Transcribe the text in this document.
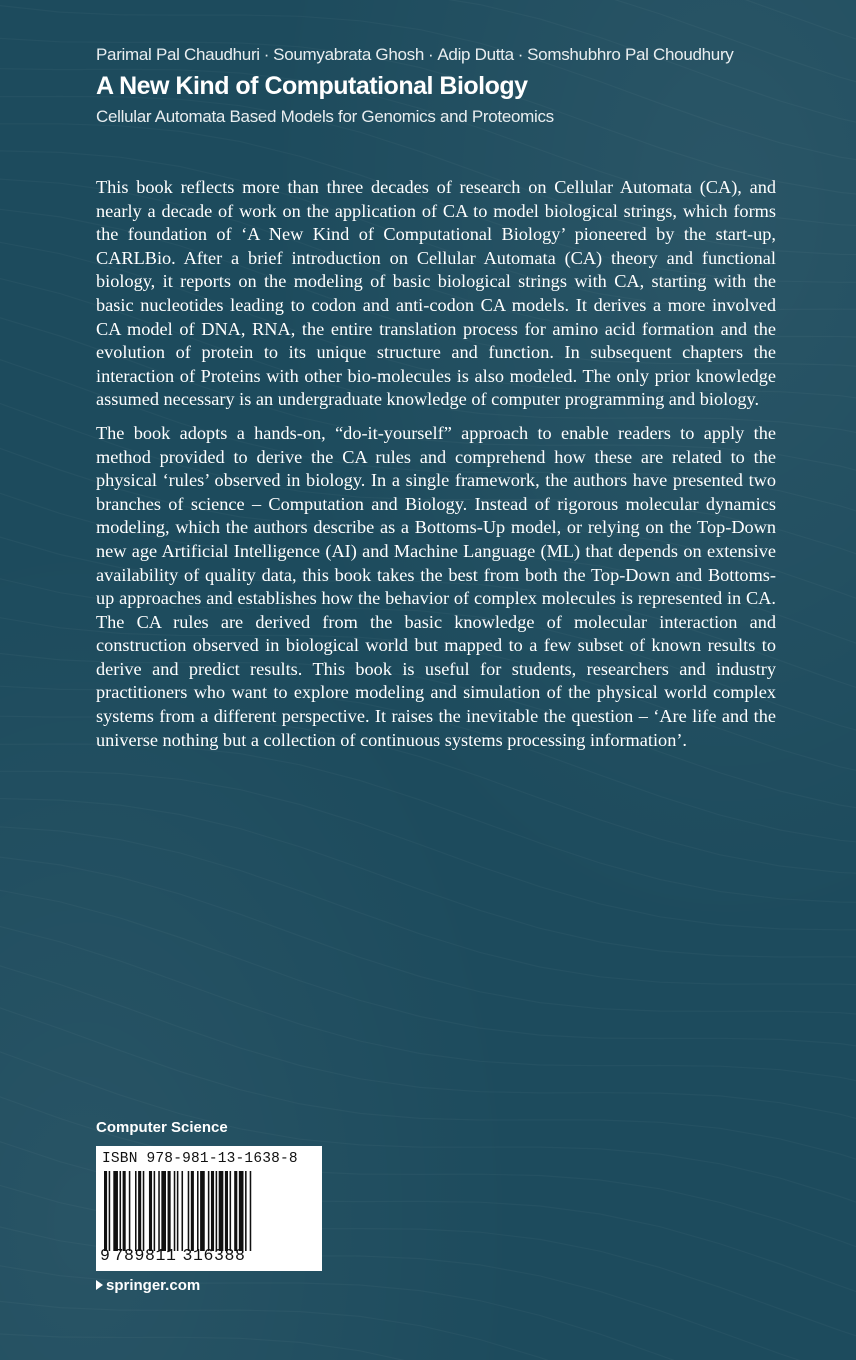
Parimal Pal Chaudhuri · Soumyabrata Ghosh · Adip Dutta · Somshubhro Pal Choudhury
A New Kind of Computational Biology
Cellular Automata Based Models for Genomics and Proteomics

This book reflects more than three decades of research on Cellular Automata (CA), and nearly a decade of work on the application of CA to model biological strings, which forms the foundation of ‘A New Kind of Computational Biology’ pioneered by the start-up, CARLBio. After a brief introduction on Cellular Automata (CA) theory and functional biology, it reports on the modeling of basic biological strings with CA, starting with the basic nucleotides leading to codon and anti-codon CA models. It derives a more involved CA model of DNA, RNA, the entire translation process for amino acid formation and the evolution of protein to its unique structure and function. In subsequent chapters the interaction of Proteins with other bio-molecules is also modeled. The only prior knowledge assumed necessary is an undergraduate knowledge of computer programming and biology.

The book adopts a hands-on, “do-it-yourself” approach to enable readers to apply the method provided to derive the CA rules and comprehend how these are related to the physical ‘rules’ observed in biology. In a single framework, the authors have presented two branches of science – Computation and Biology. Instead of rigorous molecular dynamics modeling, which the authors describe as a Bottoms-Up model, or relying on the Top-Down new age Artificial Intelligence (AI) and Machine Language (ML) that depends on extensive availability of quality data, this book takes the best from both the Top-Down and Bottoms-up approaches and establishes how the behavior of complex molecules is represented in CA. The CA rules are derived from the basic knowledge of molecular interaction and construction observed in biological world but mapped to a few subset of known results to derive and predict results. This book is useful for students, researchers and industry practitioners who want to explore modeling and simulation of the physical world complex systems from a different perspective. It raises the inevitable the question – ‘Are life and the universe nothing but a collection of continuous systems processing information’.

Computer Science
ISBN 978-981-13-1638-8
9 789811 316388
springer.com
